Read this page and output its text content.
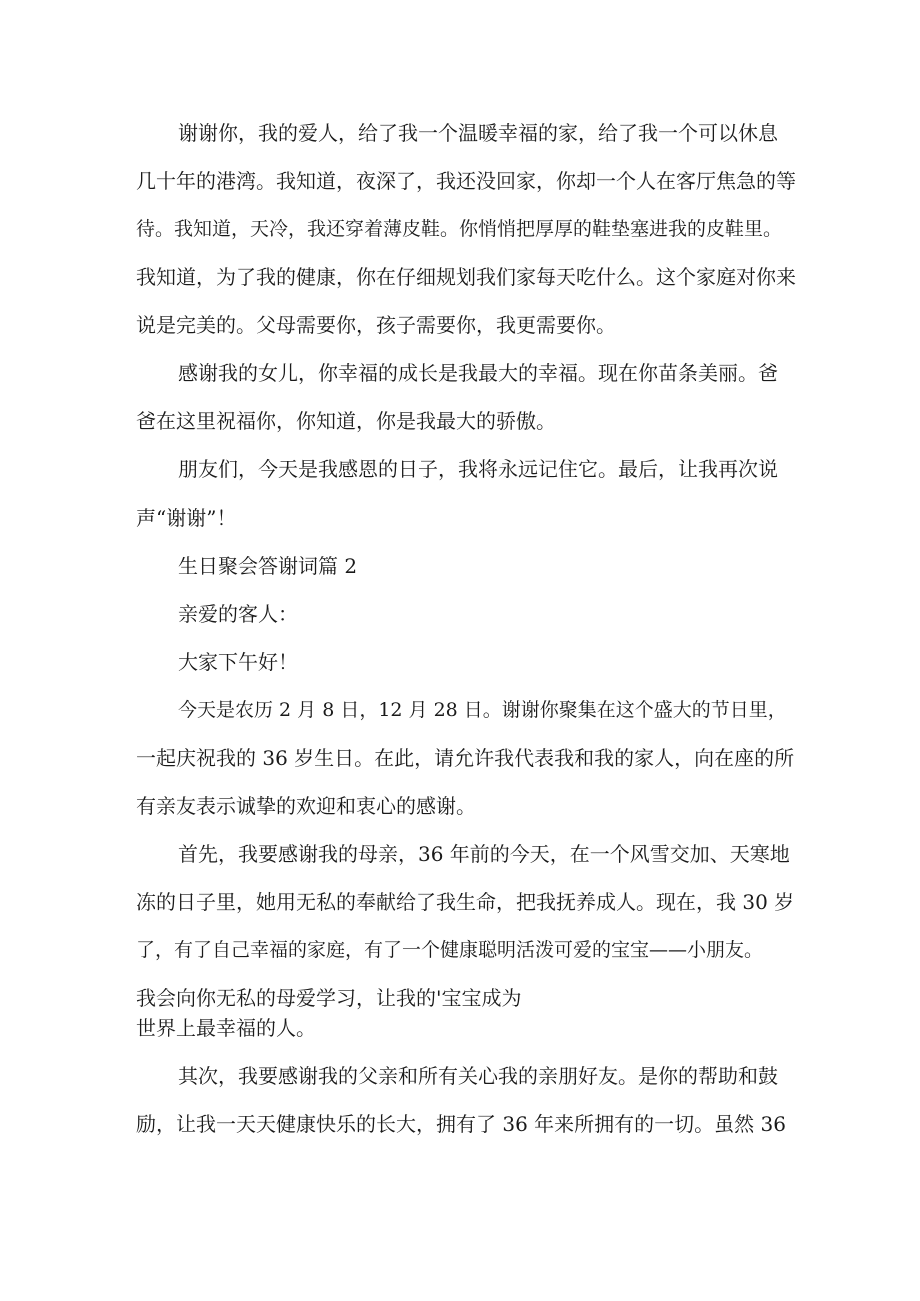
谢谢你，我的爱人，给了我一个温暖幸福的家，给了我一个可以休息
几十年的港湾。我知道，夜深了，我还没回家，你却一个人在客厅焦急的等
待。我知道，天冷，我还穿着薄皮鞋。你悄悄把厚厚的鞋垫塞进我的皮鞋里。
我知道，为了我的健康，你在仔细规划我们家每天吃什么。这个家庭对你来
说是完美的。父母需要你，孩子需要你，我更需要你。
感谢我的女儿，你幸福的成长是我最大的幸福。现在你苗条美丽。爸
爸在这里祝福你，你知道，你是我最大的骄傲。
朋友们，今天是我感恩的日子，我将永远记住它。最后，让我再次说
声“谢谢”！
生日聚会答谢词篇 2
亲爱的客人：
大家下午好！
今天是农历 2 月 8 日，12 月 28 日。谢谢你聚集在这个盛大的节日里，
一起庆祝我的 36 岁生日。在此，请允许我代表我和我的家人，向在座的所
有亲友表示诚挚的欢迎和衷心的感谢。
首先，我要感谢我的母亲，36 年前的今天，在一个风雪交加、天寒地
冻的日子里，她用无私的奉献给了我生命，把我抚养成人。现在，我 30 岁
了，有了自己幸福的家庭，有了一个健康聪明活泼可爱的宝宝——小朋友。
我会向你无私的母爱学习，让我的'宝宝成为
世界上最幸福的人。
其次，我要感谢我的父亲和所有关心我的亲朋好友。是你的帮助和鼓
励，让我一天天健康快乐的长大，拥有了 36 年来所拥有的一切。虽然 36
